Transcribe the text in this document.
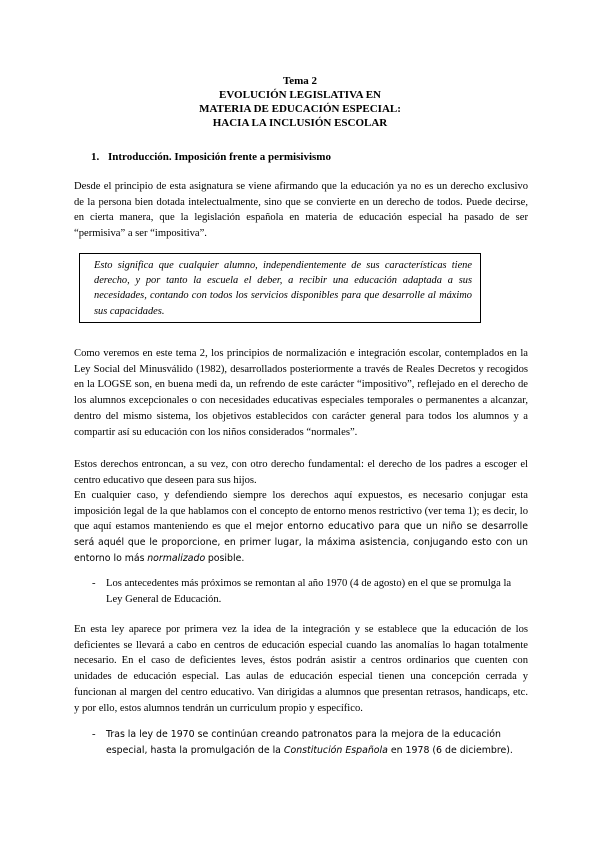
Tema 2
EVOLUCIÓN LEGISLATIVA EN
MATERIA DE EDUCACIÓN ESPECIAL:
HACIA LA INCLUSIÓN ESCOLAR
1. Introducción. Imposición frente a permisivismo

Desde el principio de esta asignatura se viene afirmando que la educación ya no es un derecho exclusivo de la persona bien dotada intelectualmente, sino que se convierte en un derecho de todos. Puede decirse, en cierta manera, que la legislación española en materia de educación especial ha pasado de ser “permisiva” a ser “impositiva”.

Esto significa que cualquier alumno, independientemente de sus características tiene derecho, y por tanto la escuela el deber, a recibir una educación adaptada a sus necesidades, contando con todos los servicios disponibles para que desarrolle al máximo sus capacidades.

Como veremos en este tema 2, los principios de normalización e integración escolar, contemplados en la Ley Social del Minusválido (1982), desarrollados posteriormente a través de Reales Decretos y recogidos en la LOGSE son, en buena medi da, un refrendo de este carácter “impositivo”, reflejado en el derecho de los alumnos excepcionales o con necesidades educativas especiales temporales o permanentes a alcanzar, dentro del mismo sistema, los objetivos establecidos con carácter general para todos los alumnos y a compartir así su educación con los niños considerados “normales”.

Estos derechos entroncan, a su vez, con otro derecho fundamental: el derecho de los padres a escoger el centro educativo que deseen para sus hijos.

En cualquier caso, y defendiendo siempre los derechos aquí expuestos, es necesario conjugar esta imposición legal de la que hablamos con el concepto de entorno menos restrictivo (ver tema 1); es decir, lo que aquí estamos manteniendo es que el mejor entorno educativo para que un niño se desarrolle será aquél que le proporcione, en primer lugar, la máxima asistencia, conjugando esto con un entorno lo más normalizado posible.

- Los antecedentes más próximos se remontan al año 1970 (4 de agosto) en el que se promulga la Ley General de Educación.

En esta ley aparece por primera vez la idea de la integración y se establece que la educación de los deficientes se llevará a cabo en centros de educación especial cuando las anomalías lo hagan totalmente necesario. En el caso de deficientes leves, éstos podrán asistir a centros ordinarios que cuenten con unidades de educación especial. Las aulas de educación especial tienen una concepción cerrada y funcionan al margen del centro educativo. Van dirigidas a alumnos que presentan retrasos, handicaps, etc. y por ello, estos alumnos tendrán un curriculum propio y específico.

- Tras la ley de 1970 se continúan creando patronatos para la mejora de la educación especial, hasta la promulgación de la Constitución Española en 1978 (6 de diciembre).
